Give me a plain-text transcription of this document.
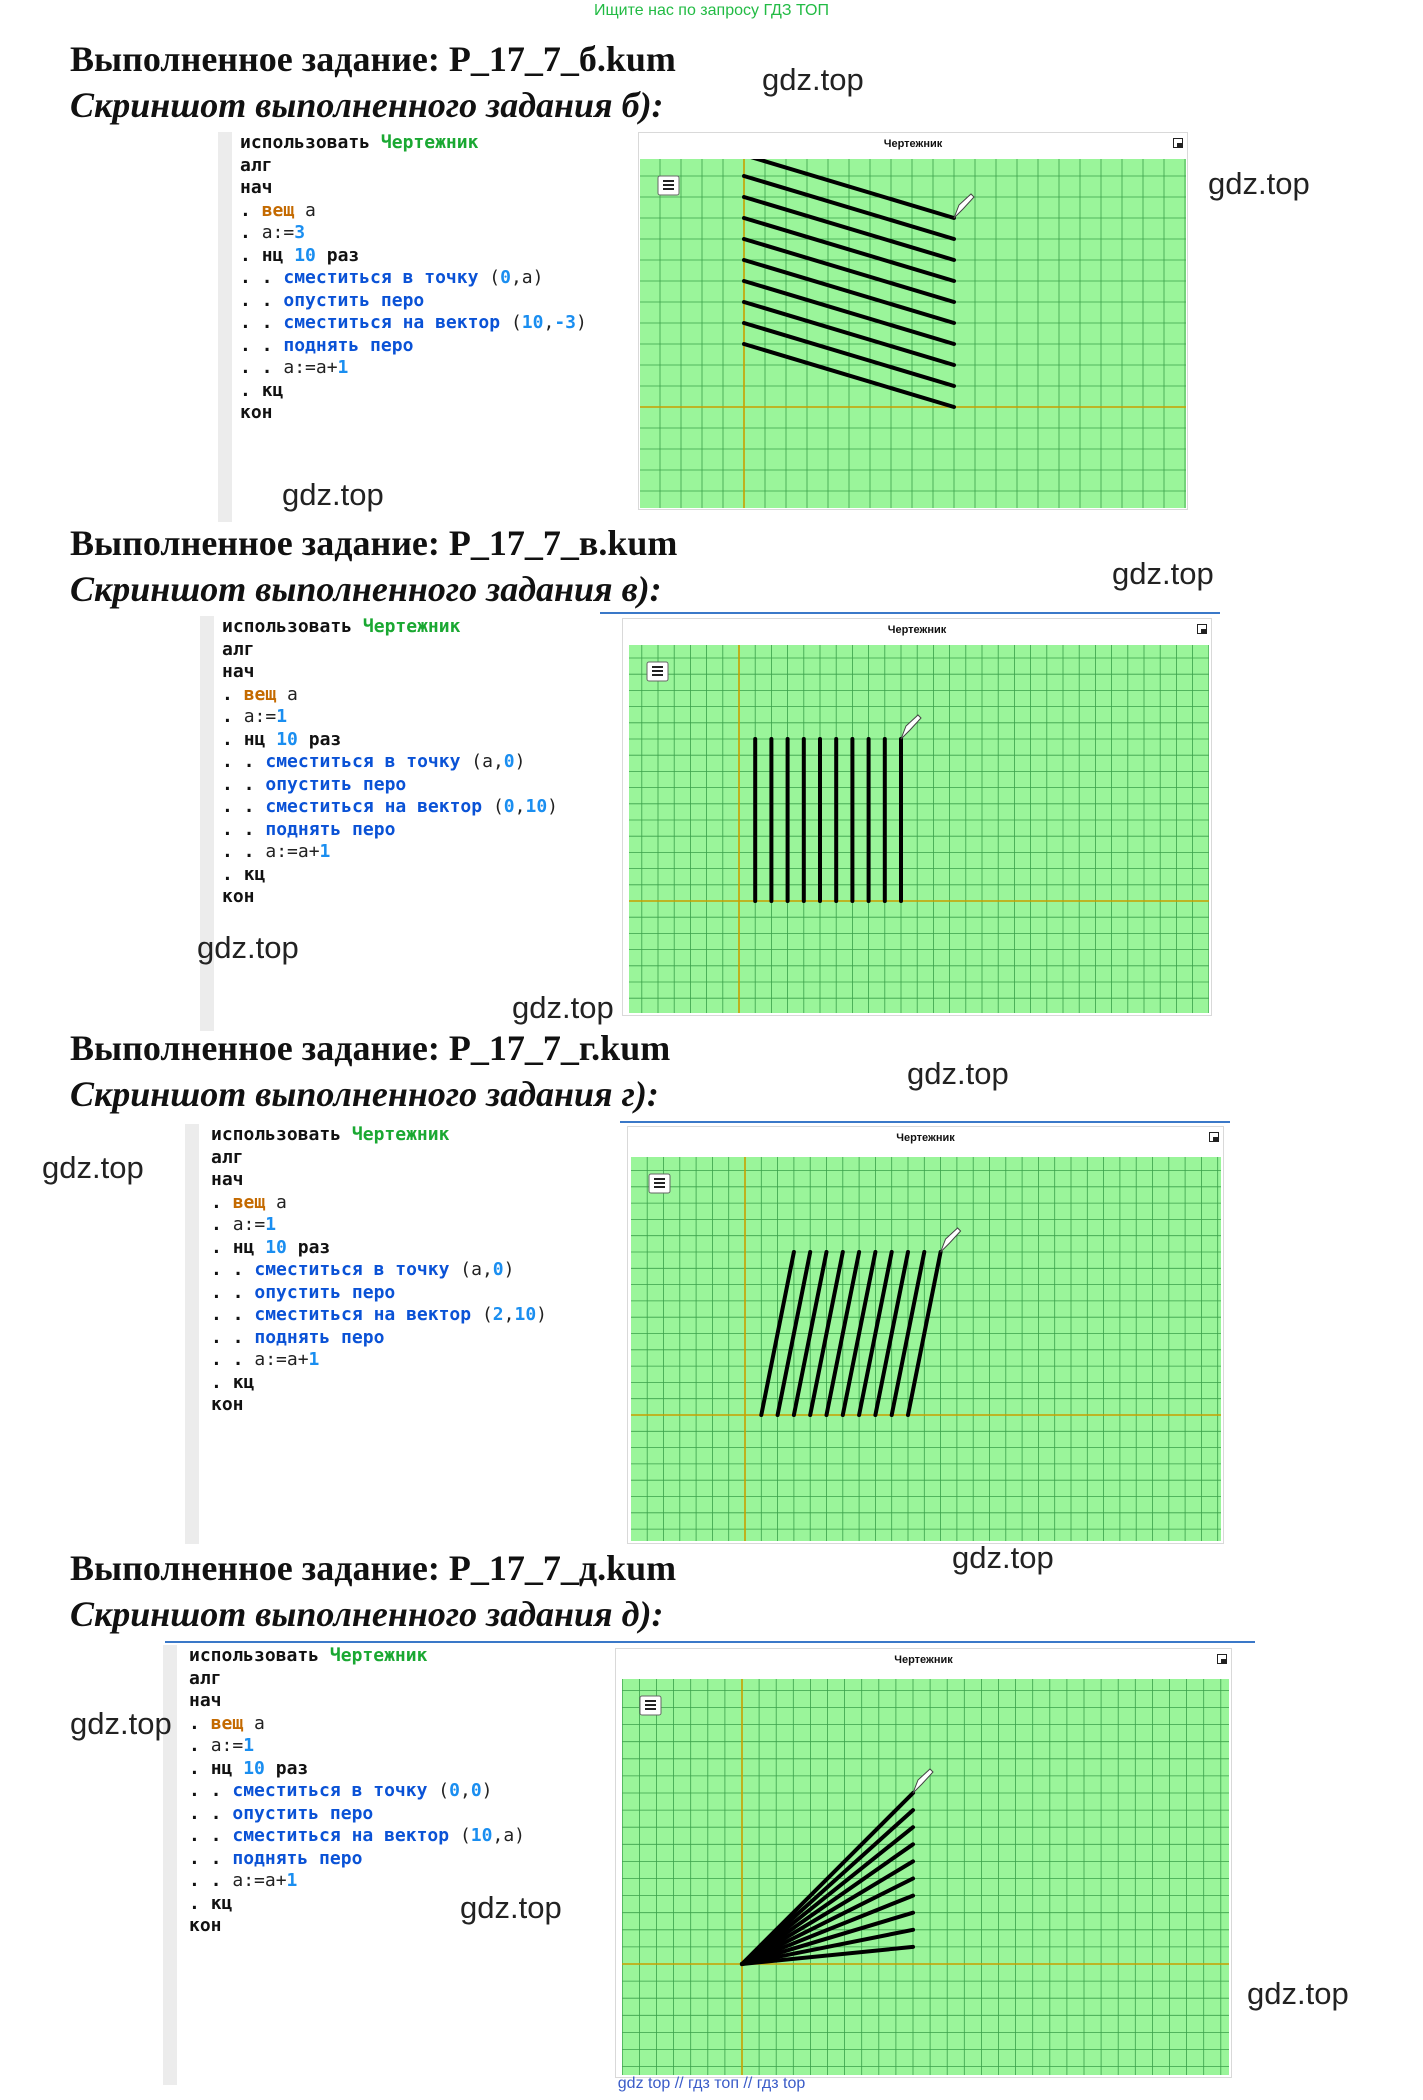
Ищите нас по запросу ГДЗ ТОП
Выполненное задание: Р_17_7_б.kum
Скриншот выполненного задания б):
gdz.top
gdz.top
использовать Чертежник
алг
нач
. вещ a
. a:=3
. нц 10 раз
. . сместиться в точку (0,a)
. . опустить перо
. . сместиться на вектор (10,-3)
. . поднять перо
. . a:=a+1
. кц
кон
gdz.top
Чертежник
Выполненное задание: Р_17_7_в.kum
Скриншот выполненного задания в):	gdz.top
использовать Чертежник
алг
нач
. вещ a
. a:=1
. нц 10 раз
. . сместиться в точку (a,0)
. . опустить перо
. . сместиться на вектор (0,10)
. . поднять перо
. . a:=a+1
. кц
кон
gdz.top
gdz.top
Чертежник
Выполненное задание: Р_17_7_г.kum
Скриншот выполненного задания г):
gdz.top
gdz.top
использовать Чертежник
алг
нач
. вещ a
. a:=1
. нц 10 раз
. . сместиться в точку (a,0)
. . опустить перо
. . сместиться на вектор (2,10)
. . поднять перо
. . a:=a+1
. кц
кон
Чертежник
gdz.top
Выполненное задание: Р_17_7_д.kum
Скриншот выполненного задания д):
использовать Чертежник
алг
нач
. вещ a
. a:=1
. нц 10 раз
. . сместиться в точку (0,0)
. . опустить перо
. . сместиться на вектор (10,a)
. . поднять перо
. . a:=a+1
. кц
кон
gdz.top
gdz.top
Чертежник
gdz.top
gdz top // гдз топ // гдз top
